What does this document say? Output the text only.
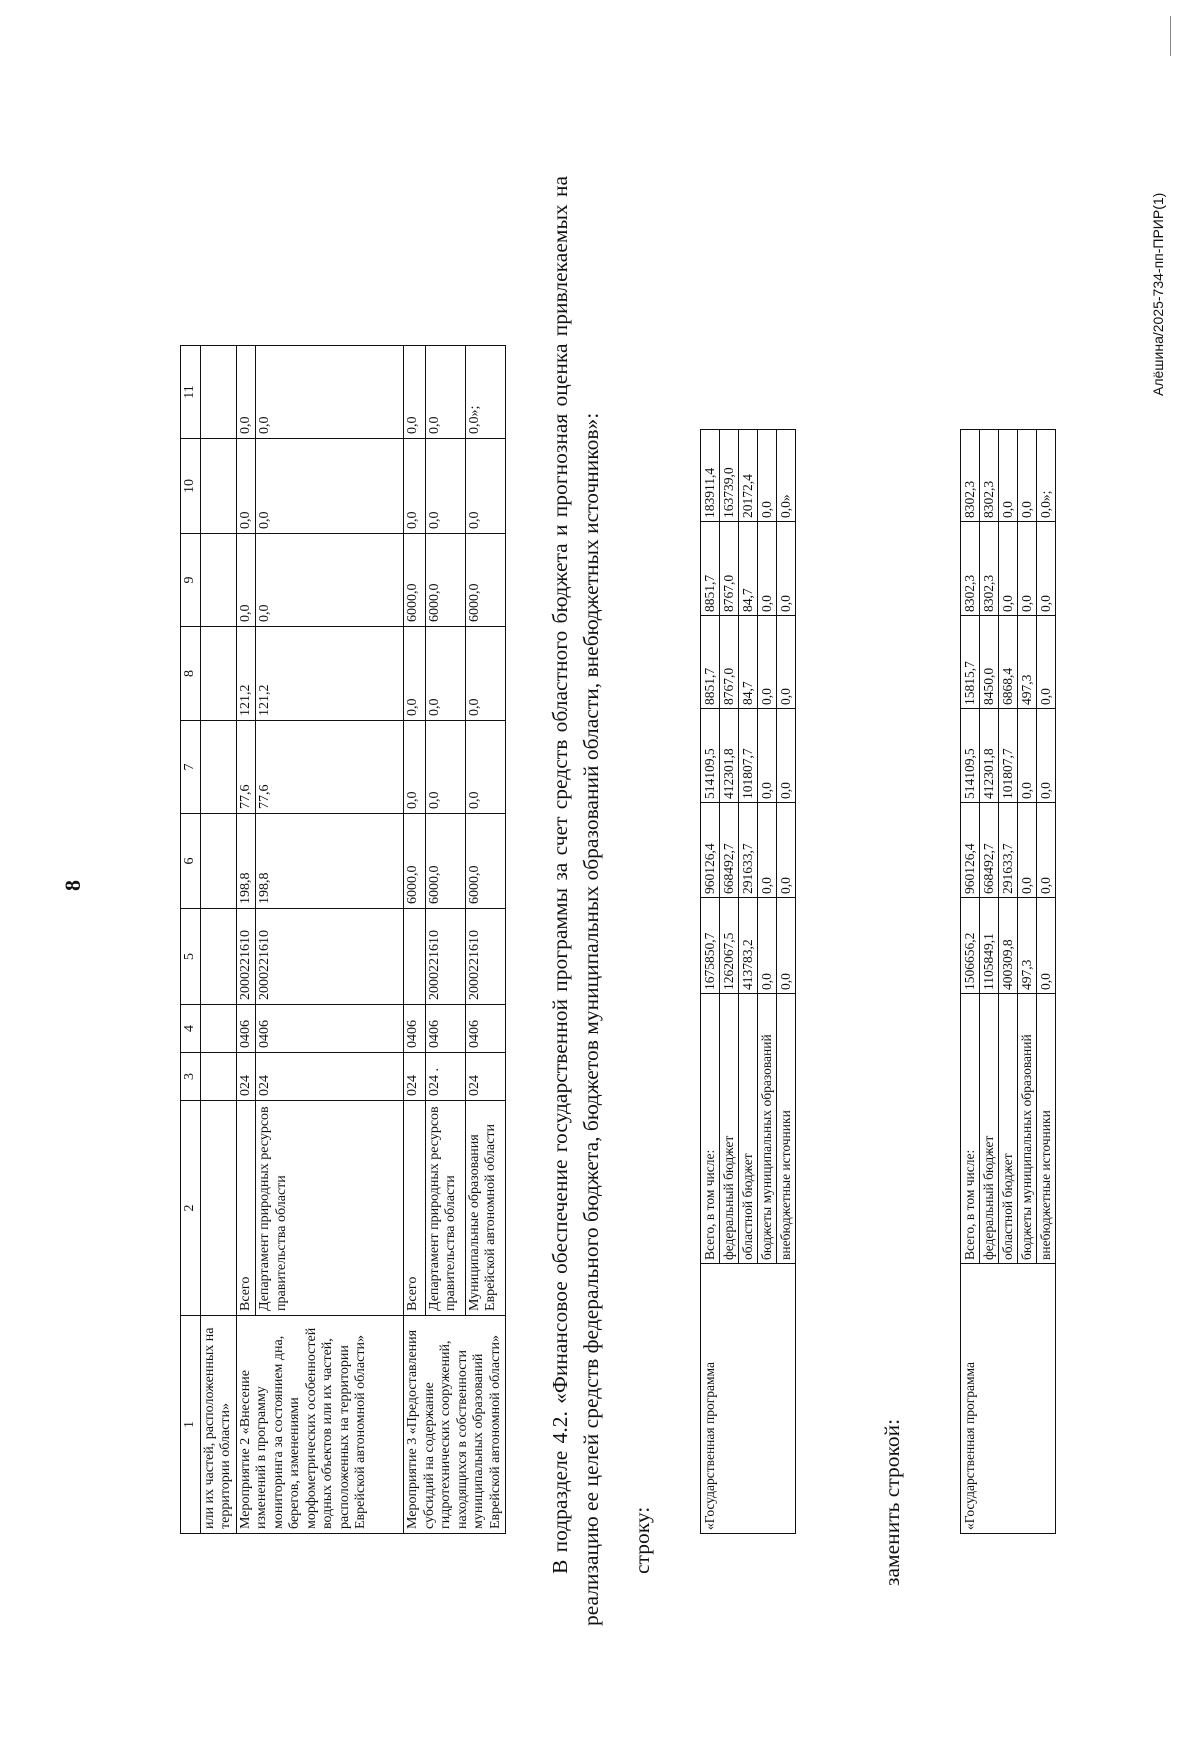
8
1	2	3	4	5	6	7	8	9	10	11
или их частей, расположенных на территории области»										
Мероприятие 2 «Внесение изменений в программу мониторинга за состоянием дна, берегов, изменениями морфометрических особенностей водных объектов или их частей, расположенных на территории Еврейской автономной области»	Всего	024	0406	2000221610	198,8	77,6	121,2	0,0	0,0	0,0
	Департамент природных ресурсов правительства области	024	0406	2000221610	198,8	77,6	121,2	0,0	0,0	0,0
Мероприятие 3 «Предоставления субсидий на содержание гидротехнических сооружений, находящихся в собственности муниципальных образований Еврейской автономной области»	Всего	024	0406		6000,0	0,0	0,0	6000,0	0,0	0,0
	Департамент природных ресурсов правительства области	024 .	0406	2000221610	6000,0	0,0	0,0	6000,0	0,0	0,0
	Муниципальные образования Еврейской автономной области	024	0406	2000221610	6000,0	0,0	0,0	6000,0	0,0	0,0»;	В подразделе 4.2. «Финансовое обеспечение государственной программы за счет средств областного бюджета и прогнозная оценка привлекаемых на реализацию ее целей средств федерального бюджета, бюджетов муниципальных образований области, внебюджетных источников»: строку:
«Государственная программа	Всего, в том числе:	1675850,7	960126,4	514109,5	8851,7	8851,7	183911,4
	федеральный бюджет	1262067,5	668492,7	412301,8	8767,0	8767,0	163739,0
	областной бюджет	413783,2	291633,7	101807,7	84,7	84,7	20172,4
	бюджеты муниципальных образований	0,0	0,0	0,0	0,0	0,0	0,0
	внебюджетные источники	0,0	0,0	0,0	0,0	0,0	0,0»
заменить строкой:	«Государственная программа	Всего, в том числе:	1506656,2	960126,4	514109,5	15815,7	8302,3	8302,3
	федеральный бюджет	1105849,1	668492,7	412301,8	8450,0	8302,3	8302,3
	областной бюджет	400309,8	291633,7	101807,7	6868,4	0,0	0,0
	бюджеты муниципальных образований	497,3	0,0	0,0	497,3	0,0	0,0
	внебюджетные источники	0,0	0,0	0,0	0,0	0,0	0,0»;
Алёшина/2025-734-пп-ПРИР(1)
